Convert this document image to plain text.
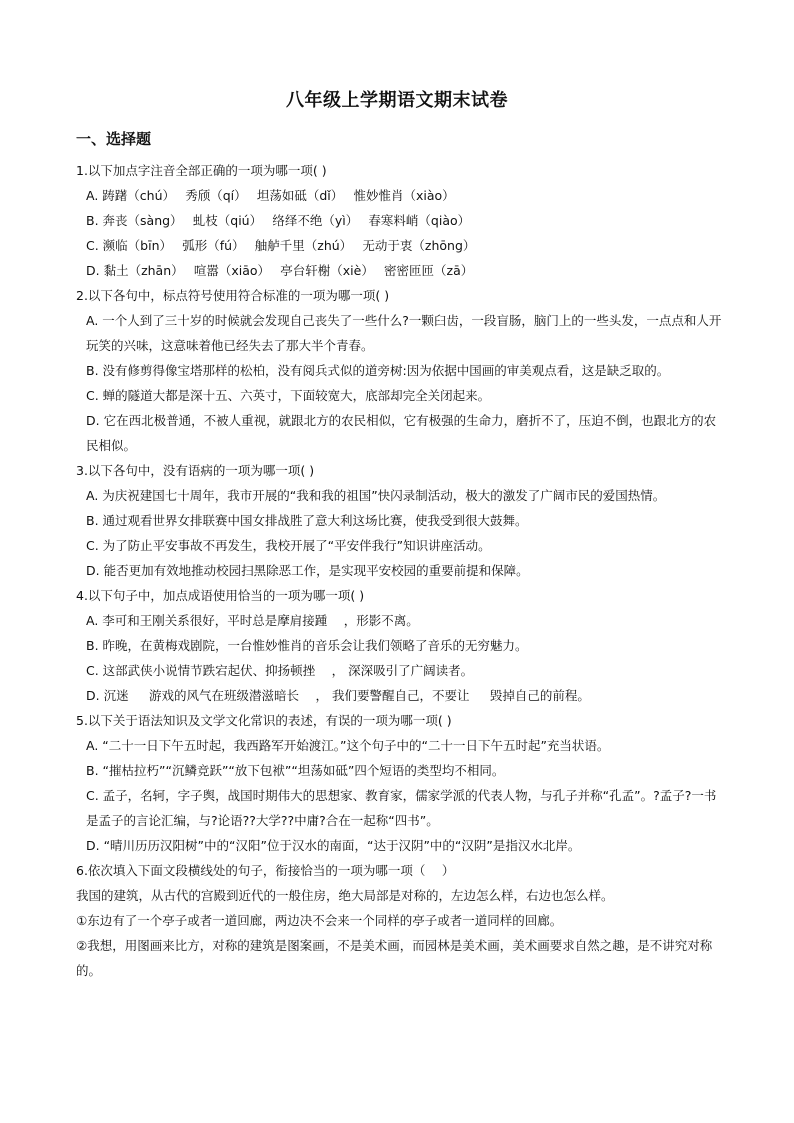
八年级上学期语文期末试卷
一、选择题
1.以下加点字注音全部正确的一项为哪一项( )
A. 踌躇（chú）　 秀颀（qí）　 坦荡如砥（dǐ）　 惟妙惟肖（xiào）
B. 奔丧（sàng）　 虬枝（qiú）　 络绎不绝（yì）　 春寒料峭（qiào）
C. 濒临（bīn）　 弧形（fú）　 舳舻千里（zhú）　 无动于衷（zhōng）
D. 黏土（zhān）　 喧嚣（xiāo）　 亭台轩榭（xiè）　 密密匝匝（zā）
2.以下各句中，标点符号使用符合标准的一项为哪一项( )
A. 一个人到了三十岁的时候就会发现自己丧失了一些什么?一颗臼齿，一段盲肠，脑门上的一些头发，一点点和人开玩笑的兴味，这意味着他已经失去了那大半个青春。
B. 没有修剪得像宝塔那样的松柏，没有阅兵式似的道旁树:因为依据中国画的审美观点看，这是缺乏取的。
C. 蝉的隧道大都是深十五、六英寸，下面较宽大，底部却完全关闭起来。
D. 它在西北极普通，不被人重视，就跟北方的农民相似，它有极强的生命力，磨折不了，压迫不倒，也跟北方的农民相似。
3.以下各句中，没有语病的一项为哪一项( )
A. 为庆祝建国七十周年，我市开展的“我和我的祖国”快闪录制活动，极大的激发了广阔市民的爱国热情。
B. 通过观看世界女排联赛中国女排战胜了意大利这场比赛，使我受到很大鼓舞。
C. 为了防止平安事故不再发生，我校开展了“平安伴我行”知识讲座活动。
D. 能否更加有效地推动校园扫黑除恶工作，是实现平安校园的重要前提和保障。
4.以下句子中，加点成语使用恰当的一项为哪一项( )
A. 李可和王刚关系很好，平时总是摩肩接踵 　，形影不离。
B. 昨晚，在黄梅戏剧院，一台惟妙惟肖的音乐会让我们领略了音乐的无穷魅力。
C. 这部武侠小说情节跌宕起伏、抑扬顿挫 　， 深深吸引了广阔读者。
D. 沉迷 　 游戏的风气在班级潜滋暗长 　， 我们要警醒自己，不要让 　 毁掉自己的前程。
5.以下关于语法知识及文学文化常识的表述，有误的一项为哪一项( )
A. “二十一日下午五时起，我西路军开始渡江。”这个句子中的“二十一日下午五时起”充当状语。
B. “摧枯拉朽”“沉鳞竞跃”“放下包袱”“坦荡如砥”四个短语的类型均不相同。
C. 孟子，名轲，字子舆，战国时期伟大的思想家、教育家，儒家学派的代表人物，与孔子并称“孔孟”。?孟子?一书是孟子的言论汇编，与?论语??大学??中庸?合在一起称“四书”。
D. “晴川历历汉阳树”中的“汉阳”位于汉水的南面，“达于汉阴”中的“汉阴”是指汉水北岸。
6.依次填入下面文段横线处的句子，衔接恰当的一项为哪一项（　 ）
我国的建筑，从古代的宫殿到近代的一般住房，绝大局部是对称的，左边怎么样，右边也怎么样。
①东边有了一个亭子或者一道回廊，两边决不会来一个同样的亭子或者一道同样的回廊。
②我想，用图画来比方，对称的建筑是图案画，不是美术画，而园林是美术画，美术画要求自然之趣，是不讲究对称的。
